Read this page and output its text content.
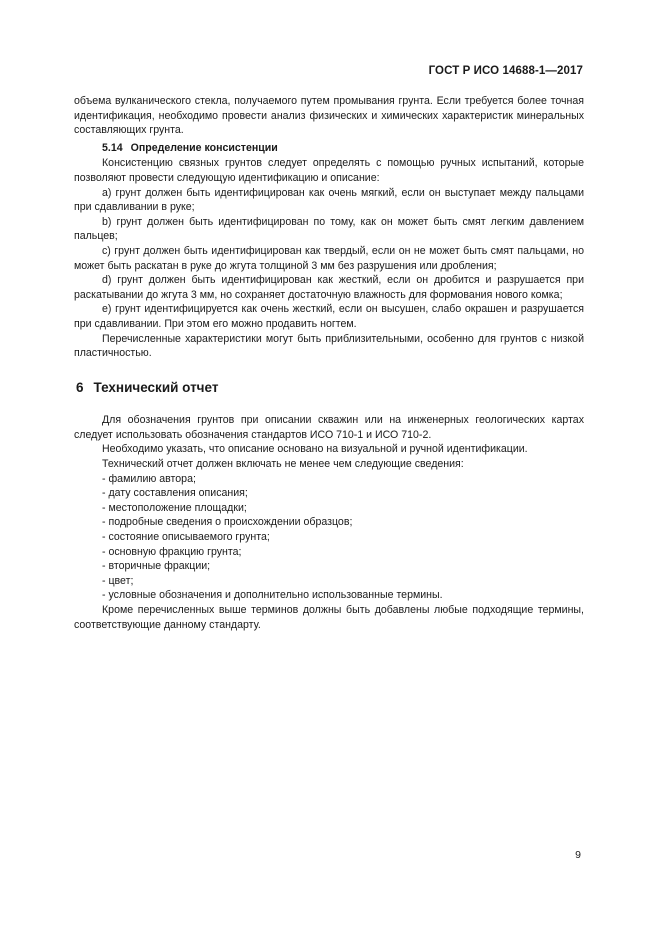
ГОСТ Р ИСО 14688-1—2017

объема вулканического стекла, получаемого путем промывания грунта. Если требуется более точная идентификация, необходимо провести анализ физических и химических характеристик минеральных составляющих грунта.

5.14 Определение консистенции

Консистенцию связных грунтов следует определять с помощью ручных испытаний, которые позволяют провести следующую идентификацию и описание:

a) грунт должен быть идентифицирован как очень мягкий, если он выступает между пальцами при сдавливании в руке;

b) грунт должен быть идентифицирован по тому, как он может быть смят легким давлением пальцев;

c) грунт должен быть идентифицирован как твердый, если он не может быть смят пальцами, но может быть раскатан в руке до жгута толщиной 3 мм без разрушения или дробления;

d) грунт должен быть идентифицирован как жесткий, если он дробится и разрушается при раскатывании до жгута 3 мм, но сохраняет достаточную влажность для формования нового комка;

e) грунт идентифицируется как очень жесткий, если он высушен, слабо окрашен и разрушается при сдавливании. При этом его можно продавить ногтем.

Перечисленные характеристики могут быть приблизительными, особенно для грунтов с низкой пластичностью.

6 Технический отчет

Для обозначения грунтов при описании скважин или на инженерных геологических картах следует использовать обозначения стандартов ИСО 710-1 и ИСО 710-2.

Необходимо указать, что описание основано на визуальной и ручной идентификации.

Технический отчет должен включать не менее чем следующие сведения:

- фамилию автора;
- дату составления описания;
- местоположение площадки;
- подробные сведения о происхождении образцов;
- состояние описываемого грунта;
- основную фракцию грунта;
- вторичные фракции;
- цвет;
- условные обозначения и дополнительно использованные термины.

Кроме перечисленных выше терминов должны быть добавлены любые подходящие термины, соответствующие данному стандарту.

9
